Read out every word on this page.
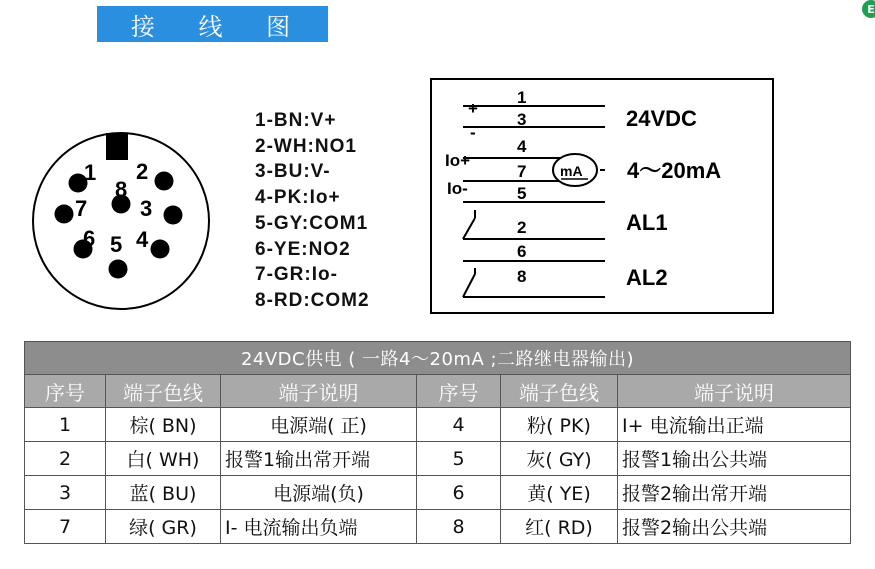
接 线 图
E
1 2
8
7 3
6 5 4
1-BN:V+
2-WH:NO1
3-BU:V-
4-PK:Io+
5-GY:COM1
6-YE:NO2
7-GR:Io-
8-RD:COM2
mA
1
3
4
7
5
2
6
8
+
-
Io+
Io-
24VDC
4～20mA
AL1
AL2
24VDC供电 ( 一路4～20mA ;二路继电器输出)					
序号	端子色线	端子说明	序号	端子色线	端子说明
1	棕( BN)	电源端( 正)	4	粉( PK)	I+ 电流输出正端
2	白( WH)	报警1输出常开端	5	灰( GY)	报警1输出公共端
3	蓝( BU)	电源端(负)	6	黄( YE)	报警2输出常开端
7	绿( GR)	I- 电流输出负端	8	红( RD)	报警2输出公共端
